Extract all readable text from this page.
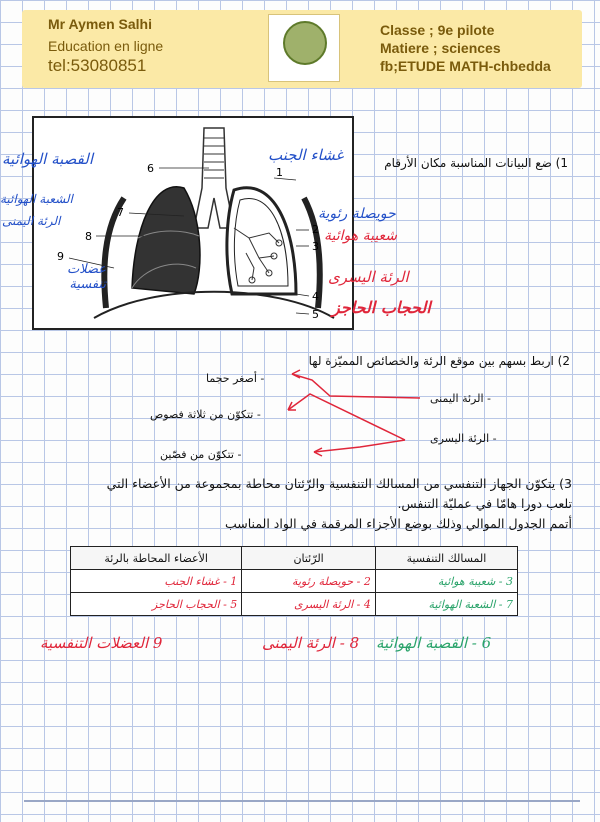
Mr Aymen Salhi
Education en ligne
tel:53080851
Classe ; 9e pilote
Matiere ; sciences
fb;ETUDE MATH-chbedda
6
7
8
9
1
2
3
4
5
القصبة الهوائية
الشعبة الهوائية
الرئة اليمنى
عضلات تنفسية
غشاء الجنب
حويصلة رئوية
شعيبة هوائية
الرئة اليسرى
الحجاب الحاجز
1) ضع البيانات المناسبة مكان الأرقام
2) اربط بسهم بين موقع الرئة والخصائص المميّزة لها
- أصغر حجما
- تتكوّن من ثلاثة فصوص
- تتكوّن من فصّين
- الرئة اليمنى
- الرئة اليسرى
3) يتكوّن الجهاز التنفسي من المسالك التنفسية والرّئتان محاطة بمجموعة من الأعضاء التي
تلعب دورا هامّا في عمليّة التنفس.
أتمم الجدول الموالي وذلك بوضع الأجزاء المرقمة في الواد المناسب
المسالك التنفسية	الرّئتان	الأعضاء المحاطة بالرئة
3 - شعيبة هوائية	2 - حويصلة رئوية	1 - غشاء الجنب
7 - الشعبة الهوائية	4 - الرئة اليسرى	5 - الحجاب الحاجز
6 - القصبة الهوائية
8 - الرئة اليمنى
9 العضلات التنفسية
